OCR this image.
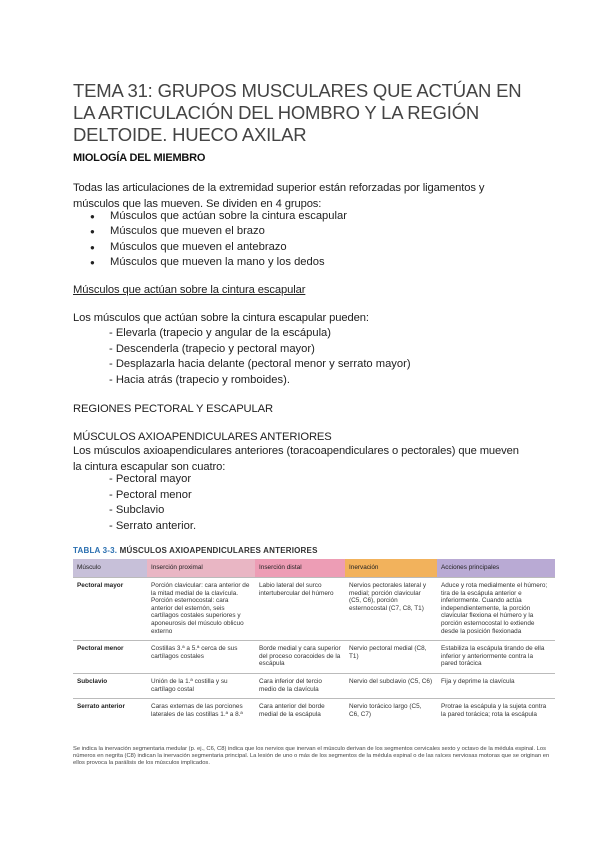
TEMA 31: GRUPOS MUSCULARES QUE ACTÚAN EN LA ARTICULACIÓN DEL HOMBRO Y LA REGIÓN DELTOIDE. HUECO AXILAR
MIOLOGÍA DEL MIEMBRO
Todas las articulaciones de la extremidad superior están reforzadas por ligamentos y músculos que las mueven. Se dividen en 4 grupos:
● Músculos que actúan sobre la cintura escapular
● Músculos que mueven el brazo
● Músculos que mueven el antebrazo
● Músculos que mueven la mano y los dedos
Músculos que actúan sobre la cintura escapular
Los músculos que actúan sobre la cintura escapular pueden:
- Elevarla (trapecio y angular de la escápula)
- Descenderla (trapecio y pectoral mayor)
- Desplazarla hacia delante (pectoral menor y serrato mayor)
- Hacia atrás (trapecio y romboides).
REGIONES PECTORAL Y ESCAPULAR
MÚSCULOS AXIOAPENDICULARES ANTERIORES
Los músculos axioapendiculares anteriores (toracoapendiculares o pectorales) que mueven la cintura escapular son cuatro:
- Pectoral mayor
- Pectoral menor
- Subclavio
- Serrato anterior.
TABLA 3-3. MÚSCULOS AXIOAPENDICULARES ANTERIORES
Músculo	Inserción proximal	Inserción distal	Inervación	Acciones principales
Pectoral mayor	Porción clavicular: cara anterior de la mitad medial de la clavícula. Porción esternocostal: cara anterior del esternón, seis cartílagos costales superiores y aponeurosis del músculo oblicuo externo	Labio lateral del surco intertubercular del húmero	Nervios pectorales lateral y medial; porción clavicular (C5, C6), porción esternocostal (C7, C8, T1)	Aduce y rota medialmente el húmero; tira de la escápula anterior e inferiormente. Cuando actúa independientemente, la porción clavicular flexiona el húmero y la porción esternocostal lo extiende desde la posición flexionada
Pectoral menor	Costillas 3.ª a 5.ª cerca de sus cartílagos costales	Borde medial y cara superior del proceso coracoides de la escápula	Nervio pectoral medial (C8, T1)	Estabiliza la escápula tirando de ella inferior y anteriormente contra la pared torácica
Subclavio	Unión de la 1.ª costilla y su cartílago costal	Cara inferior del tercio medio de la clavícula	Nervio del subclavio (C5, C6)	Fija y deprime la clavícula
Serrato anterior	Caras externas de las porciones laterales de las costillas 1.ª a 8.ª	Cara anterior del borde medial de la escápula	Nervio torácico largo (C5, C6, C7)	Protrae la escápula y la sujeta contra la pared torácica; rota la escápula
Se indica la inervación segmentaria medular (p. ej., C6, C8) indica que los nervios que inervan el músculo derivan de los segmentos cervicales sexto y octavo de la médula espinal. Los números en negrita (C8) indican la inervación segmentaria principal. La lesión de uno o más de los segmentos de la médula espinal o de las raíces nerviosas motoras que se originan en ellos provoca la parálisis de los músculos implicados.
